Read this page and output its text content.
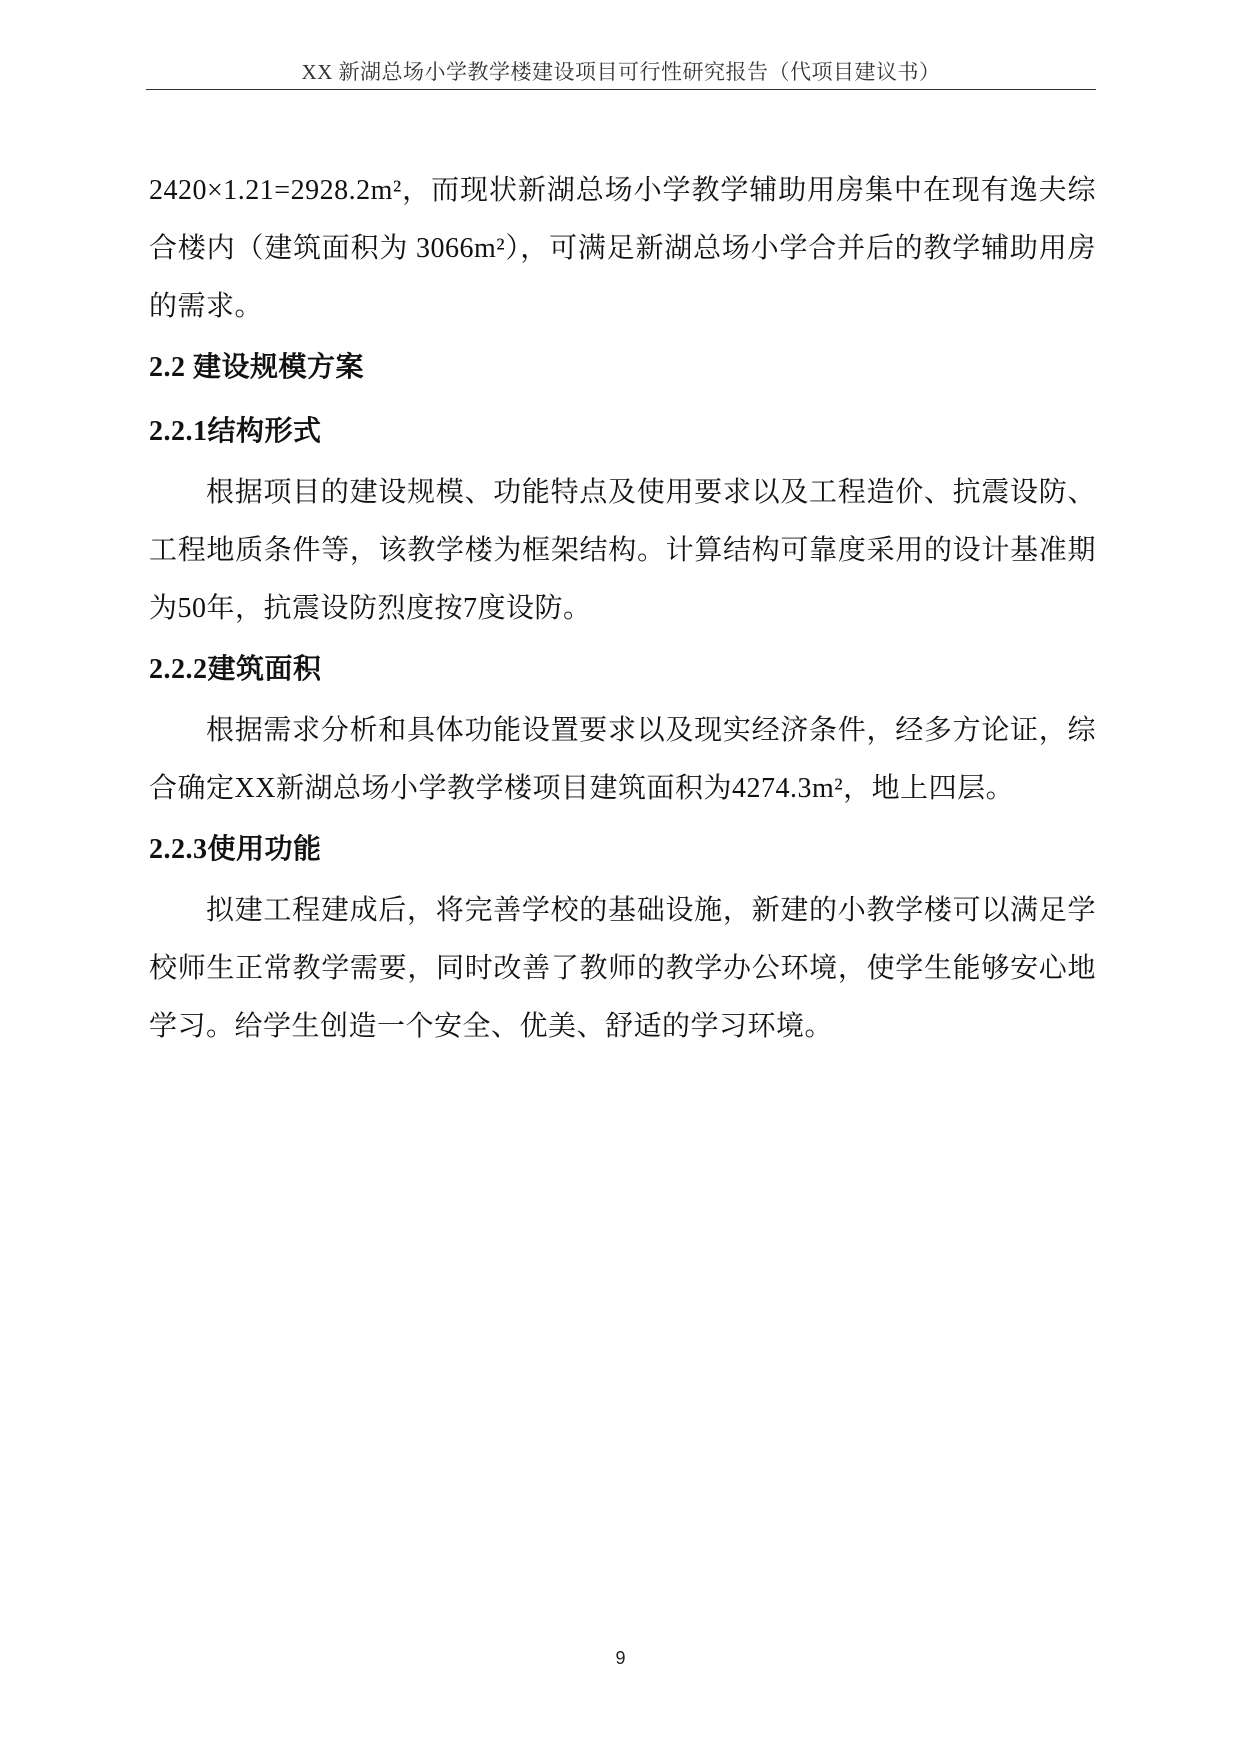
XX 新湖总场小学教学楼建设项目可行性研究报告（代项目建议书）

2420×1.21=2928.2m²，而现状新湖总场小学教学辅助用房集中在现有逸夫综合楼内（建筑面积为 3066m²），可满足新湖总场小学合并后的教学辅助用房的需求。

2.2 建设规模方案
2.2.1结构形式

根据项目的建设规模、功能特点及使用要求以及工程造价、抗震设防、工程地质条件等，该教学楼为框架结构。计算结构可靠度采用的设计基准期为50年，抗震设防烈度按7度设防。

2.2.2建筑面积

根据需求分析和具体功能设置要求以及现实经济条件，经多方论证，综合确定XX新湖总场小学教学楼项目建筑面积为4274.3m²，地上四层。

2.2.3使用功能

拟建工程建成后，将完善学校的基础设施，新建的小教学楼可以满足学校师生正常教学需要，同时改善了教师的教学办公环境，使学生能够安心地学习。给学生创造一个安全、优美、舒适的学习环境。

9
